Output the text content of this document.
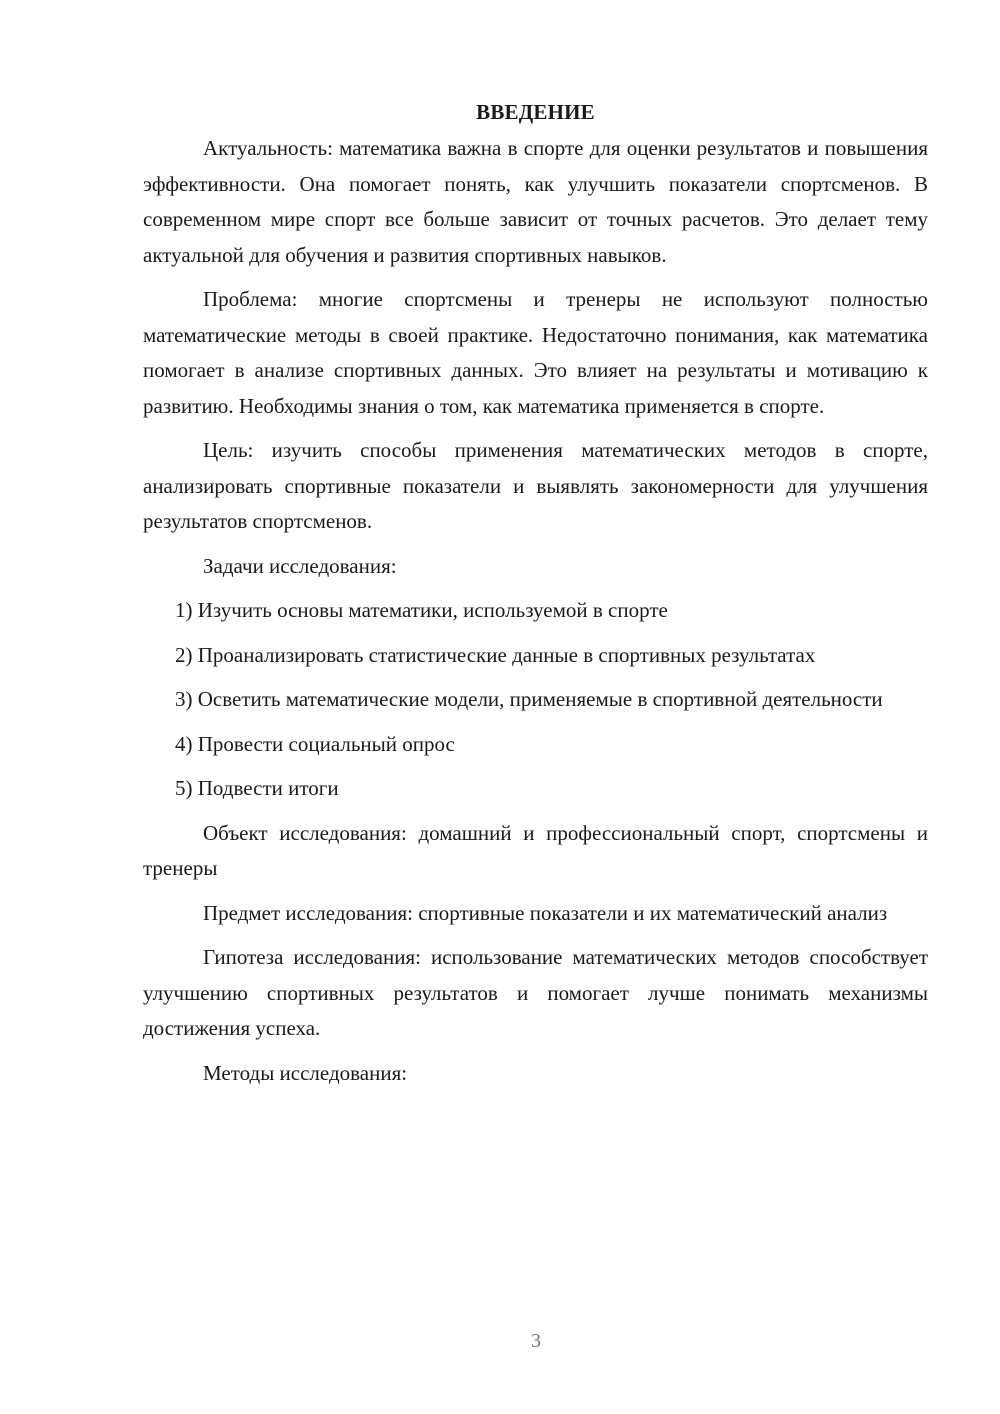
ВВЕДЕНИЕ

Актуальность: математика важна в спорте для оценки результатов и повышения эффективности. Она помогает понять, как улучшить показатели спортсменов. В современном мире спорт все больше зависит от точных расчетов. Это делает тему актуальной для обучения и развития спортивных навыков.

Проблема: многие спортсмены и тренеры не используют полностью математические методы в своей практике. Недостаточно понимания, как математика помогает в анализе спортивных данных. Это влияет на результаты и мотивацию к развитию. Необходимы знания о том, как математика применяется в спорте.

Цель: изучить способы применения математических методов в спорте, анализировать спортивные показатели и выявлять закономерности для улучшения результатов спортсменов.

Задачи исследования:

1) Изучить основы математики, используемой в спорте

2) Проанализировать статистические данные в спортивных результатах

3) Осветить математические модели, применяемые в спортивной деятельности

4) Провести социальный опрос

5) Подвести итоги

Объект исследования: домашний и профессиональный спорт, спортсмены и тренеры

Предмет исследования: спортивные показатели и их математический анализ

Гипотеза исследования: использование математических методов способствует улучшению спортивных результатов и помогает лучше понимать механизмы достижения успеха.

Методы исследования:

3
